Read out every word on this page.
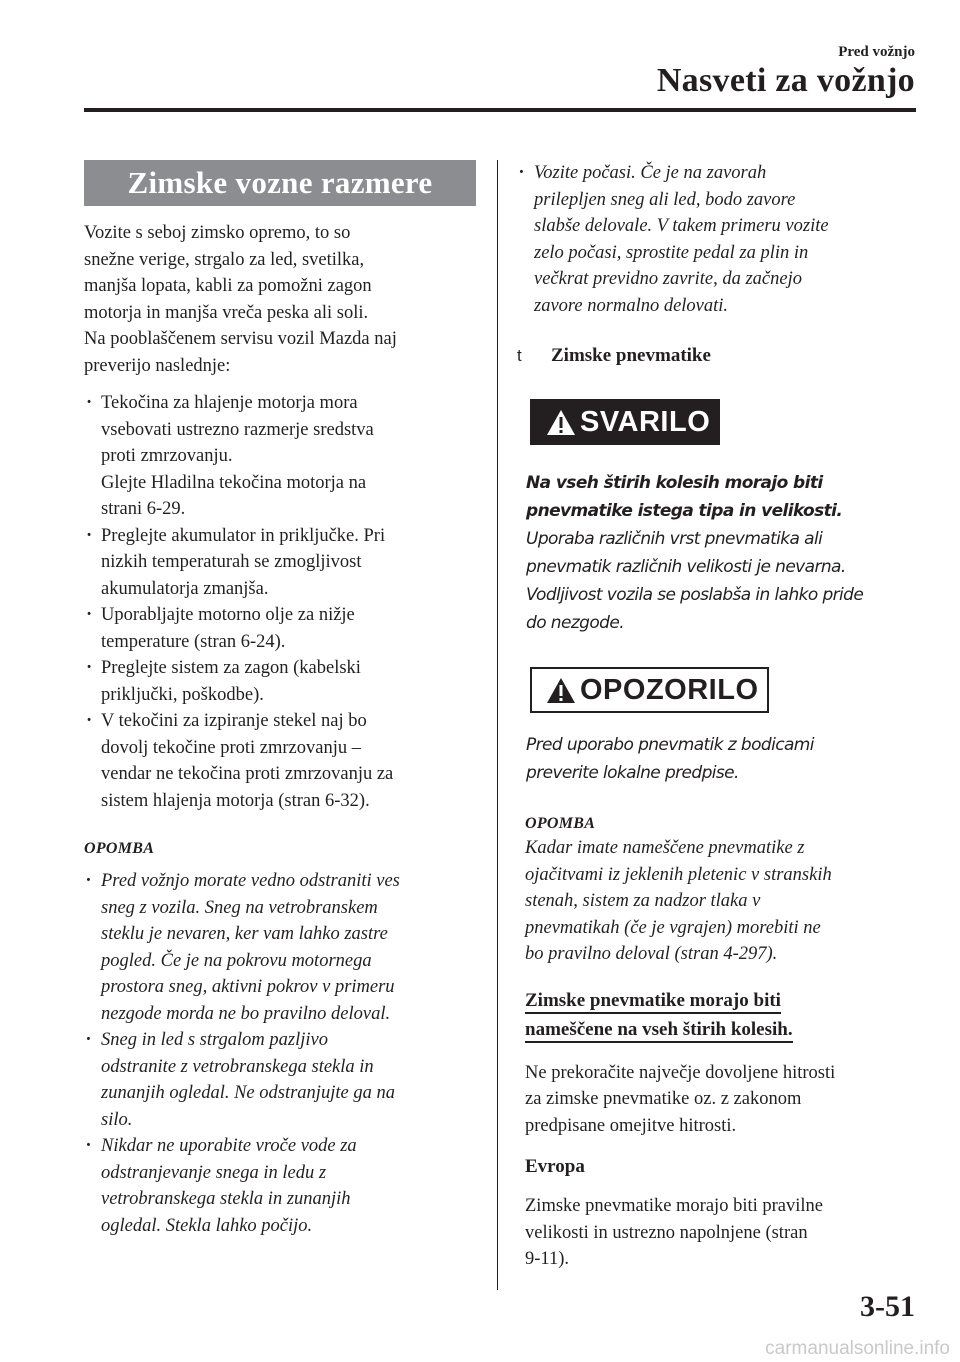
Pred vožnjo
Nasveti za vožnjo
Zimske vozne razmere

Vozite s seboj zimsko opremo, to so

snežne verige, strgalo za led, svetilka,

manjša lopata, kabli za pomožni zagon

motorja in manjša vreča peska ali soli.

Na pooblaščenem servisu vozil Mazda naj

preverijo naslednje:

· Tekočina za hlajenje motorja mora
vsebovati ustrezno razmerje sredstva
proti zmrzovanju.
Glejte Hladilna tekočina motorja na
strani 6-29.
· Preglejte akumulator in priključke. Pri
nizkih temperaturah se zmogljivost
akumulatorja zmanjša.
· Uporabljajte motorno olje za nižje
temperature (stran 6-24).
· Preglejte sistem za zagon (kabelski
priključki, poškodbe).
· V tekočini za izpiranje stekel naj bo
dovolj tekočine proti zmrzovanju –
vendar ne tekočina proti zmrzovanju za
sistem hlajenja motorja (stran 6-32).
OPOMBA
· Pred vožnjo morate vedno odstraniti ves
sneg z vozila. Sneg na vetrobranskem
steklu je nevaren, ker vam lahko zastre
pogled. Če je na pokrovu motornega
prostora sneg, aktivni pokrov v primeru
nezgode morda ne bo pravilno deloval.
· Sneg in led s strgalom pazljivo
odstranite z vetrobranskega stekla in
zunanjih ogledal. Ne odstranjujte ga na
silo.
· Nikdar ne uporabite vroče vode za
odstranjevanje snega in ledu z
vetrobranskega stekla in zunanjih
ogledal. Stekla lahko počijo.
· Vozite počasi. Če je na zavorah
prilepljen sneg ali led, bodo zavore
slabše delovale. V takem primeru vozite
zelo počasi, sprostite pedal za plin in
večkrat previdno zavrite, da začnejo
zavore normalno delovati.
t	Zimske pnevmatike
SVARILO

Na vseh štirih kolesih morajo biti

pnevmatike istega tipa in velikosti.

Uporaba različnih vrst pnevmatika ali

pnevmatik različnih velikosti je nevarna.

Vodljivost vozila se poslabša in lahko pride

do nezgode.

OPOZORILO

Pred uporabo pnevmatik z bodicami

preverite lokalne predpise.

OPOMBA

Kadar imate nameščene pnevmatike z

ojačitvami iz jeklenih pletenic v stranskih

stenah, sistem za nadzor tlaka v

pnevmatikah (če je vgrajen) morebiti ne

bo pravilno deloval (stran 4-297).

Zimske pnevmatike morajo biti
nameščene na vseh štirih kolesih.

Ne prekoračite največje dovoljene hitrosti

za zimske pnevmatike oz. z zakonom

predpisane omejitve hitrosti.

Evropa

Zimske pnevmatike morajo biti pravilne

velikosti in ustrezno napolnjene (stran

9-11).

3-51
carmanualsonline.info
